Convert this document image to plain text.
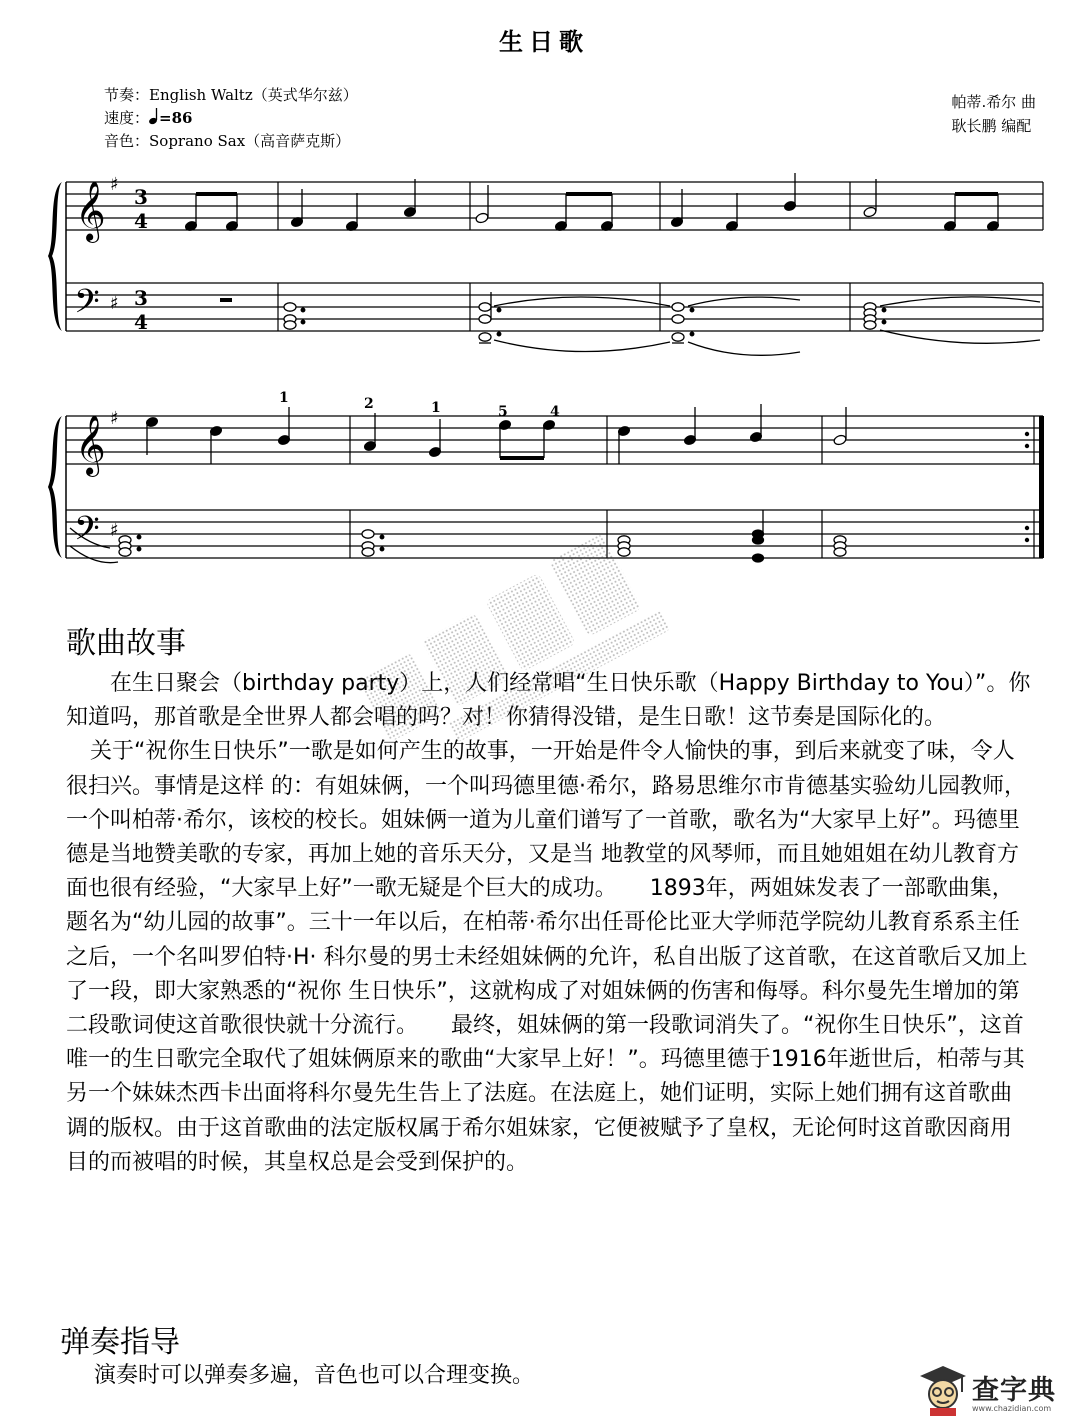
生日歌
节奏：English Waltz（英式华尔兹）
速度： =86
音色：Soprano Sax（高音萨克斯）
帕蒂.希尔 曲
耿长鹏 编配
𝄞
𝄢
𝄞
𝄢
♯
♯
♯
♯
3
4
3
4
1	2	1	5	4
歌曲故事

在生日聚会（birthday party）上，人们经常唱“生日快乐歌（Happy Birthday to You）”。你知道吗，那首歌是全世界人都会唱的吗？对！你猜得没错，是生日歌！这节奏是国际化的。

关于“祝你生日快乐”一歌是如何产生的故事，一开始是件令人愉快的事，到后来就变了味，令人很扫兴。事情是这样 的：有姐妹俩，一个叫玛德里德·希尔，路易思维尔市肯德基实验幼儿园教师，一个叫柏蒂·希尔，该校的校长。姐妹俩一道为儿童们谱写了一首歌，歌名为“大家早上好”。玛德里德是当地赞美歌的专家，再加上她的音乐天分，又是当 地教堂的风琴师，而且她姐姐在幼儿教育方面也很有经验，“大家早上好”一歌无疑是个巨大的成功。　　1893年，两姐妹发表了一部歌曲集，题名为“幼儿园的故事”。三十一年以后，在柏蒂·希尔出任哥伦比亚大学师范学院幼儿教育系系主任之后，一个名叫罗伯特·H· 科尔曼的男士未经姐妹俩的允许，私自出版了这首歌，在这首歌后又加上了一段，即大家熟悉的“祝你 生日快乐”，这就构成了对姐妹俩的伤害和侮辱。科尔曼先生增加的第二段歌词使这首歌很快就十分流行。　　最终，姐妹俩的第一段歌词消失了。“祝你生日快乐”，这首唯一的生日歌完全取代了姐妹俩原来的歌曲“大家早上好！”。玛德里德于1916年逝世后，柏蒂与其另一个妹妹杰西卡出面将科尔曼先生告上了法庭。在法庭上，她们证明，实际上她们拥有这首歌曲调的版权。由于这首歌曲的法定版权属于希尔姐妹家，它便被赋予了皇权，无论何时这首歌因商用目的而被唱的时候，其皇权总是会受到保护的。

弹奏指导
演奏时可以弹奏多遍，音色也可以合理变换。	查字典
www.chazidian.com
